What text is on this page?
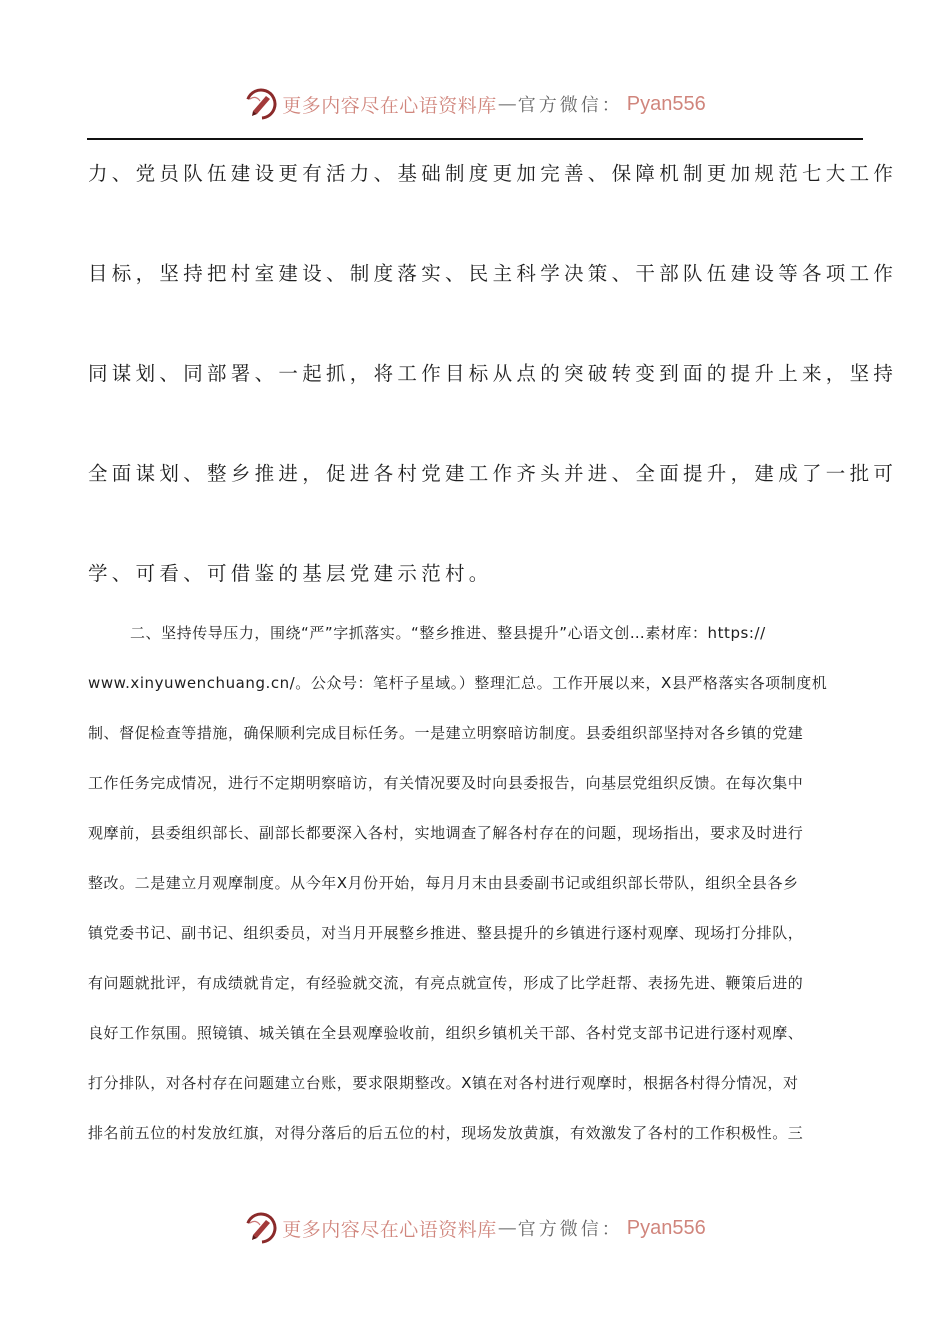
更多内容尽在心语资料库 — 官方微信： Pyan556
力、党员队伍建设更有活力、基础制度更加完善、保障机制更加规范七大工作
目标，坚持把村室建设、制度落实、民主科学决策、干部队伍建设等各项工作
同谋划、同部署、一起抓，将工作目标从点的突破转变到面的提升上来，坚持
全面谋划、整乡推进，促进各村党建工作齐头并进、全面提升，建成了一批可
学、可看、可借鉴的基层党建示范村。
二、坚持传导压力，围绕“严”字抓落实。“整乡推进、整县提升”心语文创…素材库：https://
www.xinyuwenchuang.cn/。公众号：笔杆子星域。）整理汇总。工作开展以来，X县严格落实各项制度机
制、督促检查等措施，确保顺利完成目标任务。一是建立明察暗访制度。县委组织部坚持对各乡镇的党建
工作任务完成情况，进行不定期明察暗访，有关情况要及时向县委报告，向基层党组织反馈。在每次集中
观摩前，县委组织部长、副部长都要深入各村，实地调查了解各村存在的问题，现场指出，要求及时进行
整改。二是建立月观摩制度。从今年X月份开始，每月月末由县委副书记或组织部长带队，组织全县各乡
镇党委书记、副书记、组织委员，对当月开展整乡推进、整县提升的乡镇进行逐村观摩、现场打分排队，
有问题就批评，有成绩就肯定，有经验就交流，有亮点就宣传，形成了比学赶帮、表扬先进、鞭策后进的
良好工作氛围。照镜镇、城关镇在全县观摩验收前，组织乡镇机关干部、各村党支部书记进行逐村观摩、
打分排队，对各村存在问题建立台账，要求限期整改。X镇在对各村进行观摩时，根据各村得分情况，对
排名前五位的村发放红旗，对得分落后的后五位的村，现场发放黄旗，有效激发了各村的工作积极性。三
更多内容尽在心语资料库 — 官方微信： Pyan556
